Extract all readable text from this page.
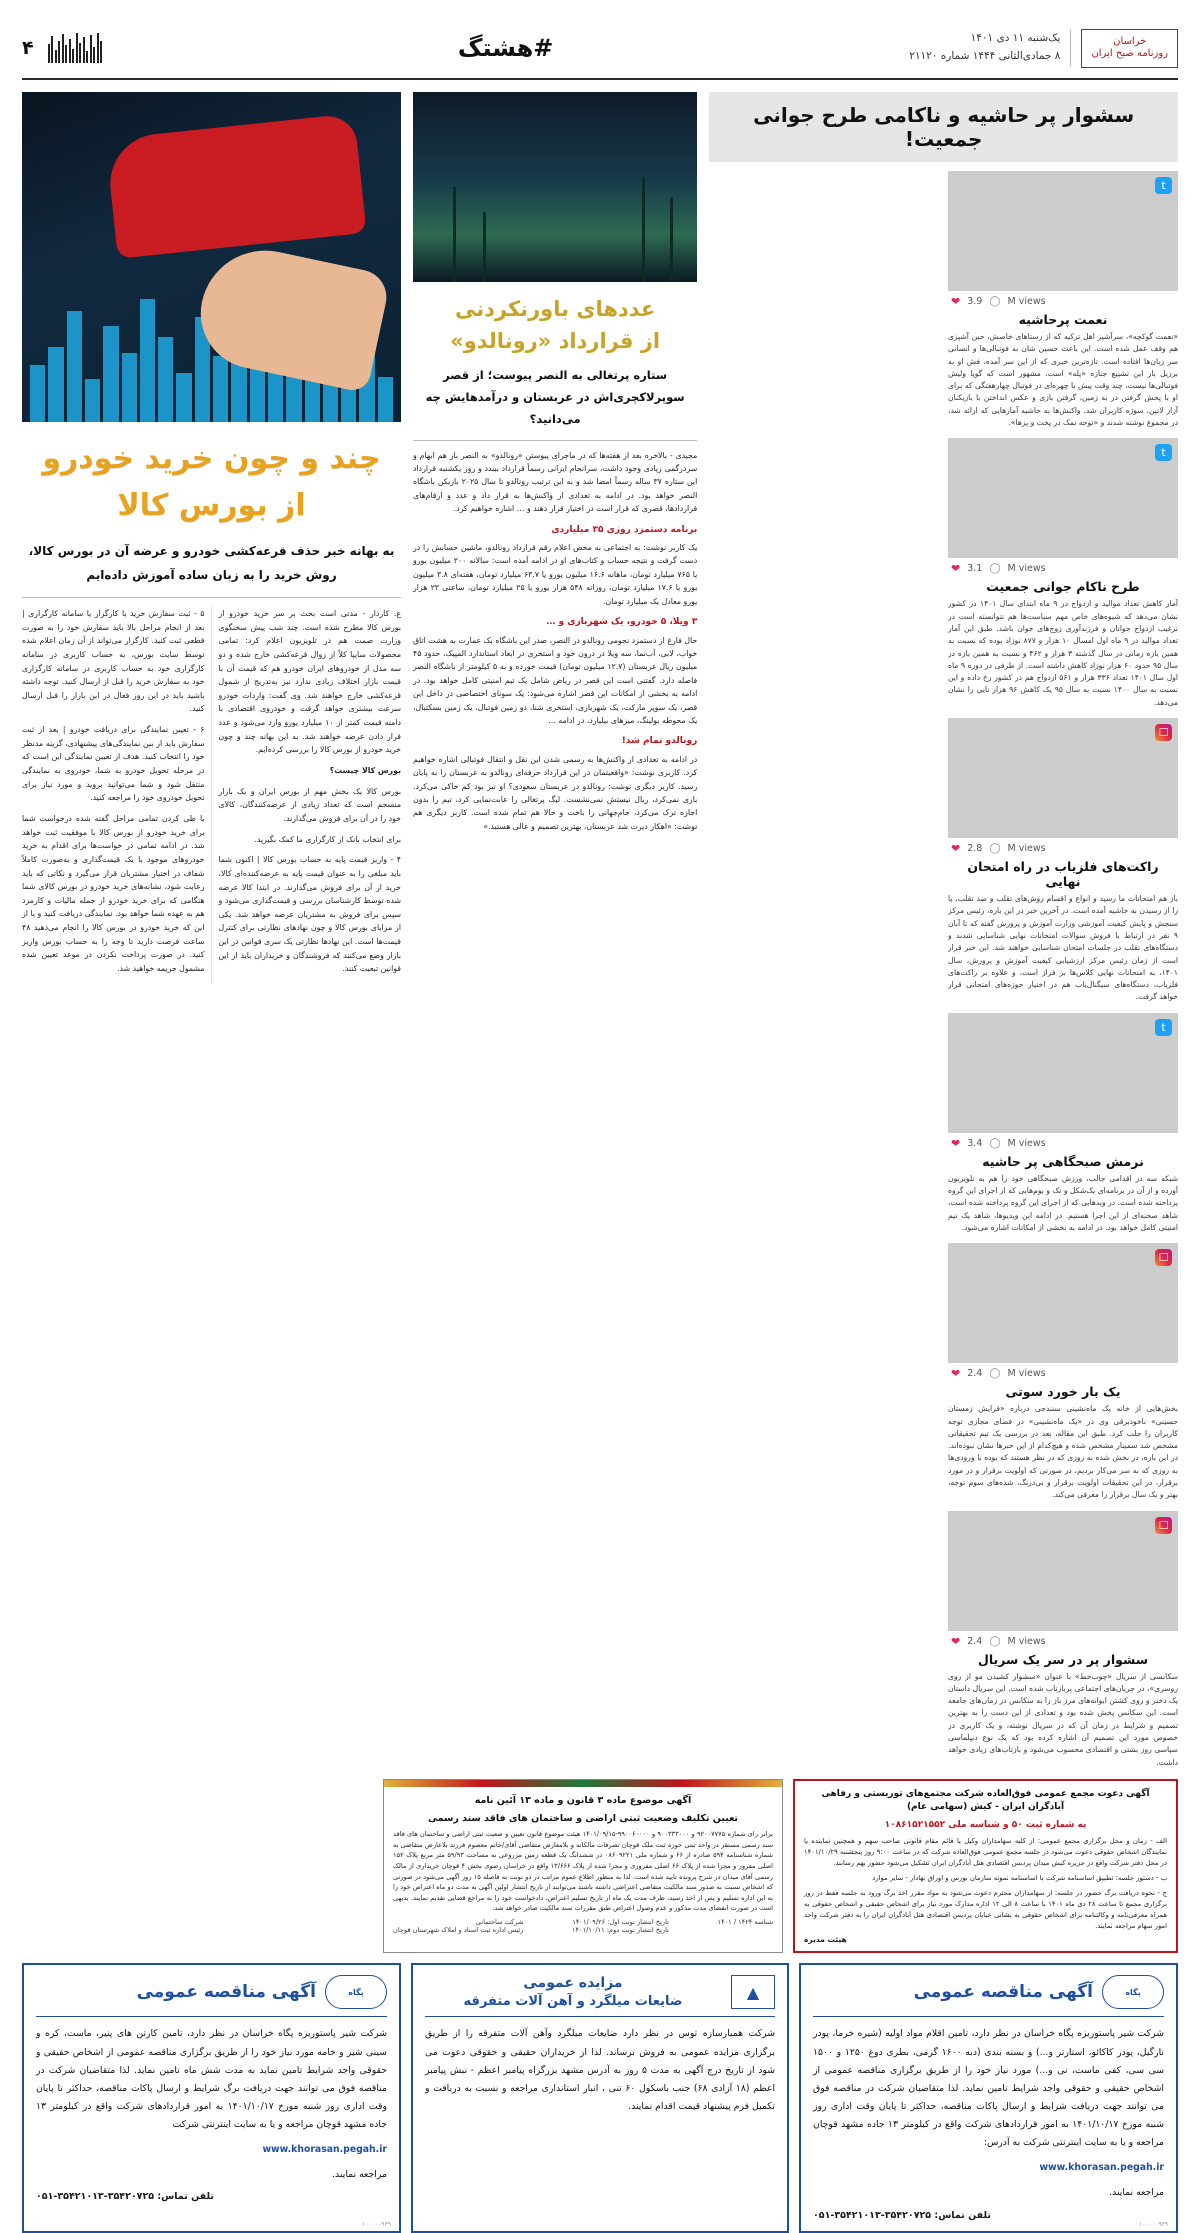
خراسان
روزنامه صبح ایران
یک‌شنبه ۱۱ دی ۱۴۰۱
۸ جمادی‌الثانی ۱۴۴۴ شماره ۲۱۱۲۰
#هشتگ
۴
سشوار پر حاشیه و ناکامی طرح جوانی جمعیت!
t
❤ 3.9 ◯ M views
نعمت پرحاشیه

«نعمت گوکچه»، سرآشپز اهل ترکیه که از رستاهای خاصش، حین آشپزی هم وقف عمل شده است. این باعث حسین شان به فوتبالی‌ها و انسانی سر زبان‌ها افتاده است. تازه‌ترین خبری که از این سر آمده، فش او به برزیل بار این تشییع جنازه «پله» است. مشهور است که گویا ولیش فوتبالی‌ها نیست، چند وقت پیش با چهره‌ای در فوتبال چهارهفتگی که برای او با پخش گرفتن در به زمین، گرفتن بازی و عکس انداختن با بازیکنان آزار لاتین، سوژه کاربران شد. واکنش‌ها به حاشیه آمارهایی که ارائه شد، در مجموع نوشته شدند و «توجه نمک در پخت و پزها».

t
❤ 3.1 ◯ M views
طرح ناکام جوانی جمعیت

آمار کاهش تعداد موالید و ازدواج در ۹ ماه ابتدای سال ۱۴۰۱ در کشور نشان می‌دهد که شیوه‌های خاص مهم سیاست‌ها هم نتوانسته است در ترغیب ازدواج جوانان و فرزندآوری زوج‌های جوان باشد. طبق این آمار تعداد موالید در ۹ ماه اول امسال ۱۰ هزار و ۸۷۷ نوزاد بوده که نسبت به همین بازه زمانی در سال گذشته ۳ هزار و ۴۶۲ و نسبت به همین بازه در سال ۹۵ حدود ۶۰ هزار نوزاد کاهش داشته است. از طرفی در دوره ۹ ماه اول سال ۱۴۰۱ تعداد ۳۳۶ هزار و ۵۶۱ ازدواج هم در کشور رخ داده و این نسبت به سال ۱۴۰۰ نسبت به سال ۹۵ یک کاهش ۹۶ هزار تایی را نشان می‌دهد.

☐
❤ 2.8 ◯ M views
راکت‌های فلزیاب در راه امتحان نهایی

باز هم امتحانات ما رسید و انواع و اقسام روش‌های تقلب و ضد تقلب، پا را از رسیدن به حاشیه آمده است. در آخرین خبر در این باره، رئیس مرکز سنجش و پایش کیفیت آموزشی وزارت آموزش و پرورش گفته که تا آبان ۹ نفر در ارتباط با فروش سوالات امتحانات نهایی شناسایی شدند و دستگاه‌های تقلب در جلسات امتحان شناسایی خواهند شد. این خبر قرار است از زمان رئیس مرکز ارزشیابی کیفیت آموزش و پرورش، سال ۱۴۰۱، به امتحانات نهایی کلاس‌ها بر فراز است، و علاوه بر راکت‌های فلزیاب، دستگاه‌های سیگنال‌یاب هم در اختیار حوزه‌های امتحانی قرار خواهد گرفت.

t
❤ 3.4 ◯ M views
نرمش صبحگاهی پر حاشیه

شبکه سه در اقدامی جالب، ورزش صبحگاهی خود را هم به تلویزیون آورده و از آن در برنامه‌ای یک‌شکل و تک و بوم‌هایی که از اجرای این گروه پرداخته شده است. در وید‌هایی که از اجرای این گروه پرداخته شده است، شاهد صحنه‌ای از این اجرا هستیم. در ادامه این ویدیوها، شاهد یک تیم امنیتی کامل خواهد بود. در ادامه به بخشی از امکانات اشاره می‌شود.

☐
❤ 2.4 ◯ M views
یک بار خورد سوتی

بخش‌هایی از خانه یک ماه‌نشینی سنندجی درباره «فرایش زمستان حسینی» ناخودبرقی وی در «یک ماه‌نشینی» در فضای مجازی توجه کاربران را جلب کرد. طبق این مقاله، بعد در بررسی یک تیم تحقیقاتی مشخص شد سمینار مشخص شده و هیچ‌کدام از این خبرها نشان نبوده‌اند. در این باره، در بخش شده به روزی که در نظر هستند که بوده با ورودی‌ها به روزی که به سر می‌کار بردیم، در صورتی که اولویت برقرار و در مورد برقرار، در این تحقیقات اولویت برقرار و بی‌درنگ، شده‌های سوم توجه، بهتر و یک سال برقرار را معرفی می‌کند.

☐
❤ 2.4 ◯ M views
سشوار پر در سر یک سریال

سکانسی از سریال «چوب‌خط» با عنوان «سشوار کشیدن مو از روی روسری»، در جریان‌های اجتماعی پربازتاب شده است. این سریال داستان یک دختر و روی کشتن ایوانه‌های مرز باز را به سکانس در زمان‌های جامعه است. این سکانس پخش شده بود و تعدادی از این دست را به بهترین تصمیم و شرایط در زمان آن که در سریال نوشته، و یک کاربری در خصوص مورد این تصمیم آن اشاره کرده بود که یک نوع دیپلماسی سیاسی روز بشتی و اقتصادی محسوب می‌شود و بازتاب‌های زیادی خواهد داشت.

عددهای باورنکردنی
از قرارداد «رونالدو»
ستاره پرتغالی به النصر پیوست؛ از قصر سوپرلاکچری‌اش در عربستان و درآمدهایش چه می‌دانید؟

مجیدی - بالاخره بعد از هفته‌ها که در ماجرای پیوستن «رونالدو» به النصر باز هم ابهام و سردرگمی زیادی وجود داشت، سرانجام ایرانی رسماً قرارداد ببندد و روز یکشنبه قرارداد این ستاره ۳۷ ساله رسماً امضا شد و به این ترتیب رونالدو تا سال ۲۰۲۵ بازیکن باشگاه النصر خواهد بود. در ادامه به تعدادی از واکنش‌ها به قرار داد و عدد و ارقام‌های قرارداد‌ها، قصری که قرار است در اختیار قرار دهند و … اشاره خواهیم کرد.

برنامه دستمزد روزی ۳۵ میلیاردی

یک کاربر نوشت: به اجتماعی به محض اعلام رقم قرارداد رونالدو، ماشین حسابش را در دست گرفت و نتیجه حساب و کتاب‌های او در ادامه آمده است: سالانه ۲۰۰ میلیون یورو یا ۷۶۵ میلیارد تومان، ماهانه ۱۶.۶ میلیون یورو یا ۶۳.۷ میلیارد تومان، هفته‌ای ۳.۸ میلیون یورو یا ۱۷.۶ میلیارد تومان، روزانه ۵۴۸ هزار یورو یا ۲۵ میلیارد تومان، ساعتی ۲۳ هزار یورو معادل یک میلیارد تومان.

۳ ویلا، ۵ خودرو، یک شهربازی و …

حال فارغ از دستمزد نجومی رونالدو در النصر، صدر این باشگاه یک عمارت به هشت اتاق خواب، لابی، آب‌نما، سه ویلا در درون خود و استخری در ابعاد استاندارد المپیک، حدود ۴۵ میلیون ریال عربستان (۱۲.۷ میلیون تومان) قیمت خورده و به ۵ کیلومتر از باشگاه النصر فاصله دارد. گفتنی است این قصر در ریاض شامل یک تیم امنیتی کامل خواهد بود. در ادامه به بخشی از امکانات این قصر اشاره می‌شود: یک سونای اختصاصی در داخل این قصر، یک سوپر مارکت، یک شهربازی، استخری شنا، دو زمین فوتبال، یک زمین بسکتبال، یک محوطه بولینگ، میزهای بیلیارد، در ادامه …

رونالدو تمام شد!

در ادامه به تعدادی از واکنش‌ها به رسمی شدن این نقل و انتقال فوتبالی اشاره خواهیم کرد. کاربری نوشت: «واقعیتمان در این قرارداد حرفه‌ای رونالدو به عربستان را به پایان رسید. کاربر دیگری نوشت: رونالدو در عربستان سعودی؟ او نیز بود کم خاکی می‌کرد. بازی نمی‌کرد، ریال نیستش نمی‌نشست. لیگ پرتغالی را عابت‌نمایی کرد، تیم را بدون اجازه ترک می‌کرد، جام‌جهانی را باخت و حالا هم تمام شده است. کاربر دیگری هم نوشت: «اهکار دیرت شد عربستان، بهترین تصمیم و عالی هستید.»

چند و چون خرید خودرو
از بورس کالا
به بهانه خبر حذف قرعه‌کشی خودرو و عرضه آن در بورس کالا، روش خرید را به زبان ساده آموزش داده‌ایم

ع. کاردار - مدتی است بحث بر سر خرید خودرو از بورس کالا مطرح شده است. چند شب پیش سخنگوی وزارت صمت هم در تلویزیون اعلام کرد: تمامی محصولات سایپا کلاً از زوال قرعه‌کشی خارج شده و دو سه مدل از خودروهای ایران خودرو هم که قیمت آن با قیمت بازار اختلاف زیادی ندارد نیز به‌تدریج از شمول قرعه‌کشی خارج خواهند شد. وی گفت: واردات خودرو سرعت بیشتری خواهد گرفت و خودروی اقتصادی با دامنه قیمت کمتر از ۱۰ میلیارد یورو وارد می‌شود و عدد قرار دادن عرضه خواهند شد. به این بهانه چند و چون خرید خودرو از بورس کالا را بررسی کرده‌ایم.

بورس کالا چیست؟

بورس کالا یک بخش مهم از بورس ایران و یک بازار منسجم است که تعداد زیادی از عرضه‌کنندگان، کالای خود را در آن برای فروش می‌گذارند.

برای انتخاب بانک از کارگزاری ما کمک بگیرید.

۴ - واریز قیمت پایه به حساب بورس کالا | اکنون شما باید مبلغی را به عنوان قیمت پایه به عرضه‌کننده‌ای کالا، خرید از آن برای فروش می‌گذارند. در ابتدا کالا عرضه شده توسط کارشناسان بررسی و قیمت‌گذاری می‌شود و سپس برای فروش به مشتریان عرضه خواهد شد. یکی از مزایای بورس کالا و چون نهادهای نظارتی برای کنترل قیمت‌ها است. این نهادها نظارتی یک سری قوانین در این بازار وضع می‌کنند که فروشندگان و خریداران باید از این قوانین تبعیت کنند.

۵ - ثبت سفارش خرید با کارگزار یا سامانه کارگزاری | بعد از انجام مراحل بالا باید سفارش خود را به صورت قطعی ثبت کنید. کارگزار می‌تواند از آن زمان اعلام شده توسط سایت بورس، به حساب کاربری در سامانه کارگزاری خود به حساب کاربری در سامانه کارگزاری خود به سفارش خرید را قبل از ارسال کنید. توجه داشته باشید باید در این روز فعال در این بازار را قبل ارسال کنید.

۶ - تعیین نمایندگی برای دریافت خودرو | بعد از ثبت سفارش باید از بین نمایندگی‌های پیشنهادی، گزینه مدنظر خود را انتخاب کنید. هدف از تعیین نمایندگی این است که در مرحله تحویل خودرو به شما، خودروی به نمایندگی منتقل شود و شما می‌توانید بروید و مورد نیاز برای تحویل خودروی خود را مراجعه کنید.

با طی کردن تمامی مراحل گفته شده درخواست شما برای خرید خودرو از بورس کالا با موفقیت ثبت خواهد شد. در ادامه تمامی در خواست‌ها برای اقدام به خرید خودروهای موجود با یک قیمت‌گذاری و به‌صورت کاملاً شفاف در اختیار مشتریان قرار می‌گیرد و نکاتی که باید رعایت شود، نشانه‌های خرید خودرو در بورس کالای شما هنگامی که برای خرید خودرو از جمله مالیات و کارمزد هم به عهده شما خواهد بود. نمایندگی دریافت کنید و یا از این که خرید خودرو در بورس کالا را انجام می‌دهید ۴۸ ساعت فرصت دارید تا وجه را به حساب بورس واریز کنید. در صورت پرداخت نکردن در موعد تعیین شده مشمول جریمه خواهید شد.

آگهی دعوت مجمع عمومی فوق‌العاده شرکت مجتمع‌های توریستی و رفاهی آبادگران ایران - کیش (سهامی عام)
به شماره ثبت ۵۰ و شناسه ملی ۱۰۸۶۱۵۲۱۵۵۲

الف - زمان و محل برگزاری مجمع عمومی: از کلیه سهامداران وکیل یا قائم مقام قانونی صاحب سهم و همچنین نماینده یا نمایندگان اشخاص حقوقی دعوت می‌شود در جلسه مجمع عمومی فوق‌العاده شرکت که در ساعت ۹:۰۰ روز پنجشنبه ۱۴۰۱/۱۰/۲۹ در محل دفتر شرکت واقع در جزیره کیش میدان پردیس اقتصادی هتل آبادگران ایران تشکیل می‌شود حضور بهم رسانند.

ب - دستور جلسه: تطبیق اساسنامه شرکت با اساسنامه نمونه سازمان بورس و اوراق بهادار - سایر موارد

ج - نحوه دریافت برگ حضور در جلسه: از سهامداران محترم دعوت می‌شود به مواد مقرر اخذ برگ ورود به جلسه فقط در روز برگزاری مجمع تا ساعت ۲۸ دی ماه ۱۴۰۱ با ساعت ۸ الی ۱۲ اداره مدارک مورد نیاز برای اشخاص حقیقی و اشخاص حقوقی به همراه معرفی‌نامه و وکالتنامه برای اشخاص حقوقی به نشانی خیابان پردیس اقتصادی هتل آبادگران ایران را به دفتر شرکت واحد امور سهام مراجعه نمایند.

هیئت مدیره
آگهی موضوع ماده ۳ قانون و ماده ۱۳ آئین نامه
تعیین تکلیف وضعیت ثبتی اراضی و ساختمان های فاقد سند رسمی

برابر رای شماره ۹۲۰۰۷۷۷۵ و ۹۰۰۳۳۳۰۰۰ و ۹۹۰۰۶۰۰۰۰-۱۴۰۱/۰۹/۱۵ هیئت موضوع قانون تعیین و ضعیت ثبتی اراضی و ساختمان های فاقد سند رسمی مستقر در واحد ثبتی حوزه ثبت ملک قوچان تصرفات مالکانه و بلامعارض متقاضی آقای/خانم معصوم فرزند بلاعارض متقاضی به شماره شناسنامه ۵۹۴ صادره از ۶۶ و شماره ملی ۰۸۶۰۹۲۲۱ در ششدانگ یک قطعه زمین مزروعی به مساحت ۵۹/۹۳ متر مربع پلاک ۱۵۲ اصلی مفروز و مجزا شده از پلاک ۶۶ اصلی مفروزی و مجزا شده از پلاک ۱۳/۶۶۶ واقع در خراسان رضوی بخش ۴ قوچان خریداری از مالک رسمی آقای میدان در شرح پرونده تایید شده است. لذا به منظور اطلاع عموم مراتب در دو نوبت به فاصله ۱۵ روز آگهی می‌شود در صورتی که اشخاص نسبت به صدور سند مالکیت متقاضی اعتراضی داشته باشند می‌توانند از تاریخ انتشار اولین آگهی به مدت دو ماه اعتراض خود را به این اداره تسلیم و پس از اخذ رسید، ظرف مدت یک ماه از تاریخ تسلیم اعتراض، دادخواست خود را به مراجع قضایی تقدیم نمایند. بدیهی است در صورت انقضای مدت مذکور و عدم وصول اعتراض طبق مقررات سند مالکیت صادر خواهد شد.

شناسه ۱۴۲۴ / ۱۴۰۱
تاریخ انتشار نوبت اول: ۱۴۰۱/۰۹/۲۶
تاریخ انتشار نوبت دوم: ۱۴۰۱/۱۰/۱۱
شرکت ساختمانی
رئیس اداره ثبت اسناد و املاک شهرستان قوچان
پگاه
آگهی مناقصه عمومی

شرکت شیر پاستوریزه پگاه خراسان در نظر دارد، تامین اقلام مواد اولیه (شیره خرما، پودر نارگیل، پودر کاکائو، استارتر و...) و بسته بندی (دبه ۱۶۰۰ گرمی، بطری دوغ ۱۲۵۰ و ۱۵۰۰ سی سی، کفی ماست، نی و...) مورد نیاز خود را از طریق برگزاری مناقصه عمومی از اشخاص حقیقی و حقوقی واجد شرایط تامین نماید. لذا متقاضیان شرکت در مناقصه فوق می توانند جهت دریافت شرایط و ارسال پاکات مناقصه، حداکثر تا پایان وقت اداری روز شنبه مورخ ۱۴۰۱/۱۰/۱۷ به امور قراردادهای شرکت واقع در کیلومتر ۱۳ جاده مشهد قوچان مراجعه و یا به سایت اینترنتی شرکت به آدرس:

www.khorasan.pegah.ir

مراجعه نمایند.

تلفن تماس: ۳۵۴۲۰۷۲۵-۳۵۴۲۱۰۱۳-۰۵۱
۱۰۰۰۰۰۹۳۹
▲
مزایده عمومی
ضایعات میلگرد و آهن آلات متفرقه

شرکت همیارسازه توس در نظر دارد ضایعات میلگرد وآهن آلات متفرقه را از طریق برگزاری مزایده عمومی به فروش برساند. لذا از خریداران حقیقی و حقوقی دعوت می شود از تاریخ درج آگهی به مدت ۵ روز به آدرس مشهد بزرگراه پیامبر اعظم - نبش پیامبر اعظم (۱۸ آزادی ۶۸) جنب باسکول ۶۰ تنی ، انبار استانداری مراجعه و نسبت به دریافت و تکمیل فرم پیشنهاد قیمت اقدام نمایند.

پگاه
آگهی مناقصه عمومی

شرکت شیر پاستوریزه پگاه خراسان در نظر دارد، تامین کارتن های پنیر، ماست، کره و سینی شیر و خامه مورد نیاز خود را از طریق برگزاری مناقصه عمومی از اشخاص حقیقی و حقوقی واجد شرایط تامین نماید به مدت شش ماه تامین نماید. لذا متقاضیان شرکت در مناقصه فوق می توانند جهت دریافت برگ شرایط و ارسال پاکات مناقصه، حداکثر تا پایان وقت اداری روز شنبه مورخ ۱۴۰۱/۱۰/۱۷ به امور قراردادهای شرکت واقع در کیلومتر ۱۳ جاده مشهد قوچان مراجعه و یا به سایت اینترنتی شرکت

www.khorasan.pegah.ir

مراجعه نمایند.

تلفن تماس: ۳۵۴۲۰۷۲۵-۳۵۴۲۱۰۱۳-۰۵۱
۱۰۰۰۰۰۹۳۹
